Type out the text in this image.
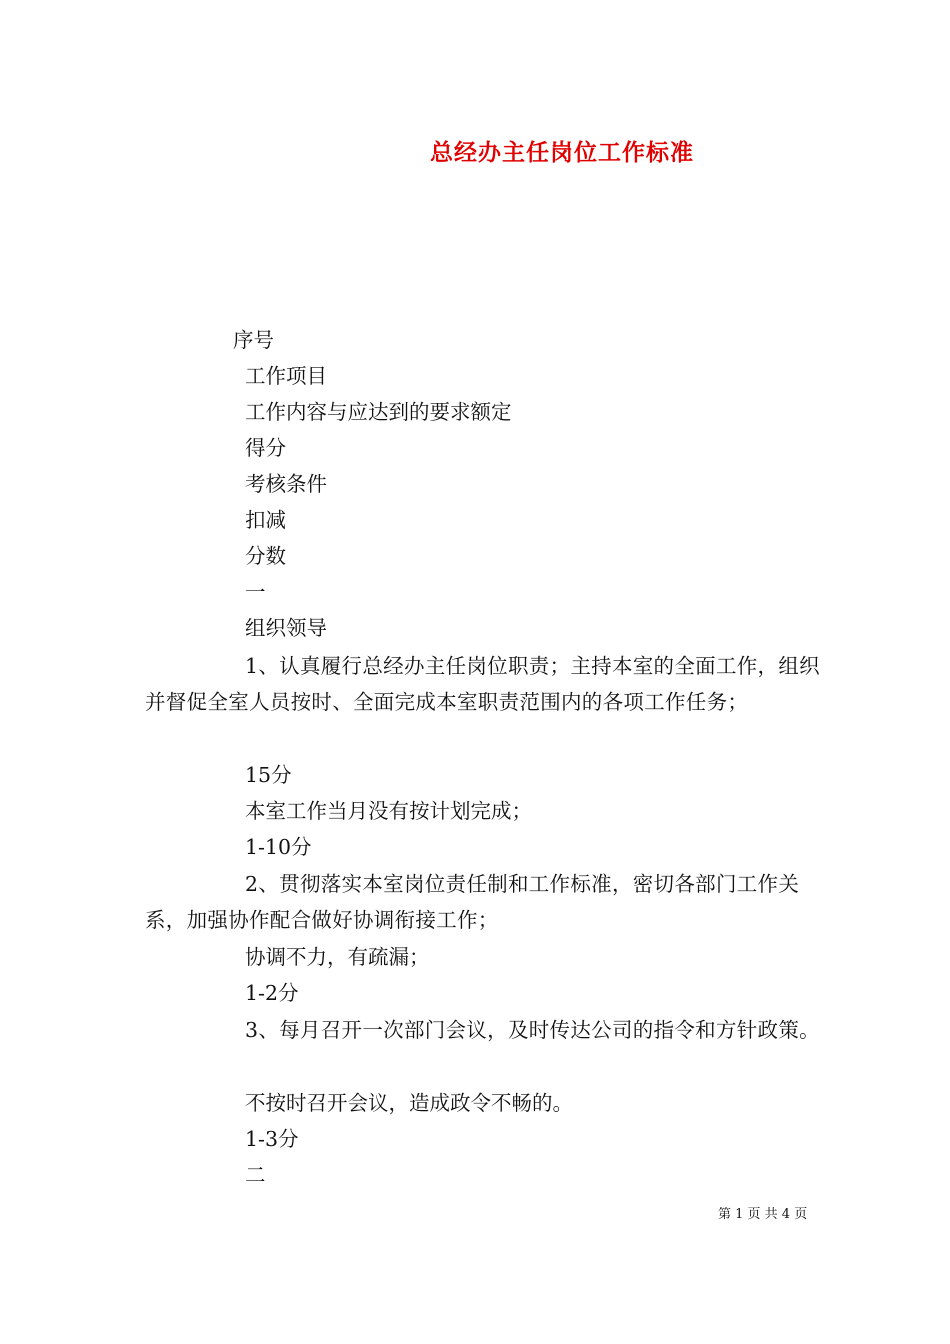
总经办主任岗位工作标准
序号
工作项目
工作内容与应达到的要求额定
得分
考核条件
扣减
分数
一
组织领导
1、认真履行总经办主任岗位职责；主持本室的全面工作，组织并督促全室人员按时、全面完成本室职责范围内的各项工作任务；
15分
本室工作当月没有按计划完成；
1-10分
2、贯彻落实本室岗位责任制和工作标准，密切各部门工作关系，加强协作配合做好协调衔接工作；
协调不力，有疏漏；
1-2分
3、每月召开一次部门会议，及时传达公司的指令和方针政策。
不按时召开会议，造成政令不畅的。
1-3分
二
第 1 页 共 4 页
